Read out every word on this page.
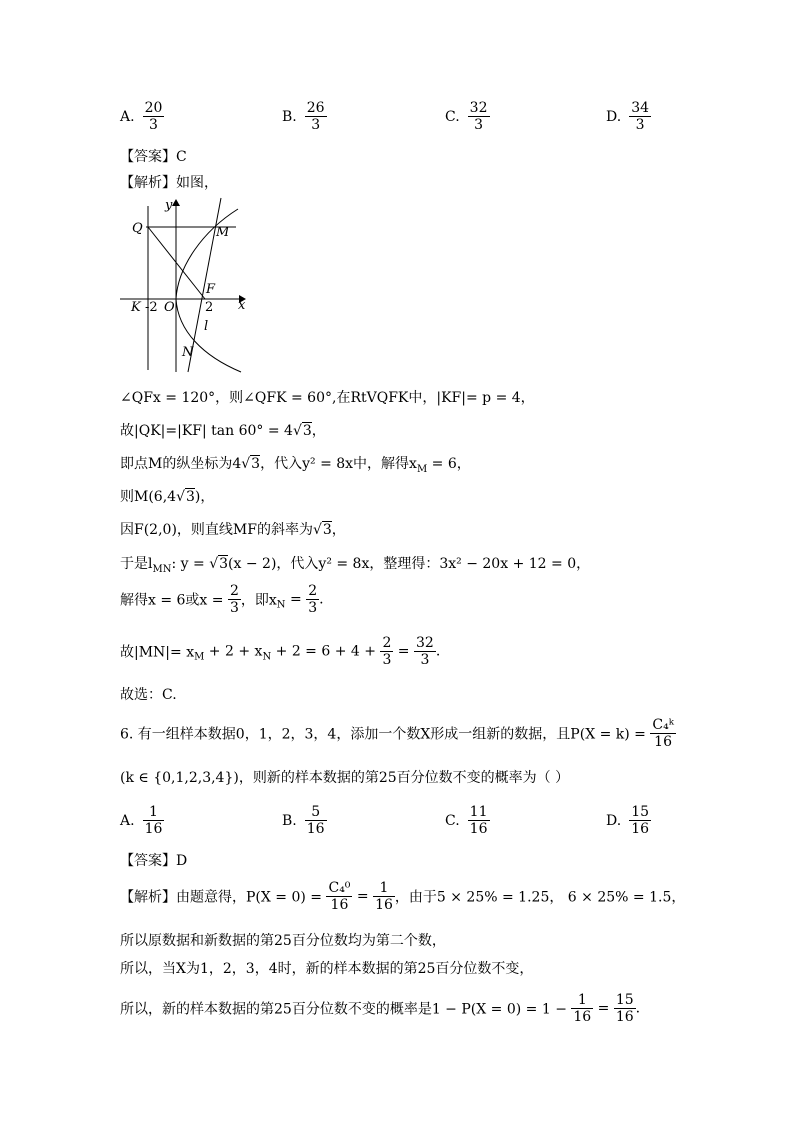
A. $\frac{20}{3}$	B. $\frac{26}{3}$	C. $\frac{32}{3}$	D. $\frac{34}{3}$
【答案】C
【解析】如图，
y
Q	M
F
K -2 O 2 x
l
N
∠QFx = 120°，则∠QFK = 60°,在RtVQFK中，|KF|= p = 4，
故|QK|=|KF| tan 60° = 4√3，
即点M的纵坐标为4√3，代入y² = 8x中，解得$x_M = 6$，
则M(6,4√3)，
因F(2,0)，则直线MF的斜率为√3，
于是$l_{MN}$: y = √3(x − 2)，代入y² = 8x，整理得：3x² − 20x + 12 = 0，
解得x = 6或$x = \frac{2}{3}$ ，即$x_N = \frac{2}{3}$ .
故$|MN|= x_M + 2 + x_N + 2 = 6 + 4 + \frac{2}{3} = \frac{32}{3}$ .
故选：C.
6. 有一组样本数据0，1，2，3，4，添加一个数X形成一组新的数据，且$P(X = k) = \frac{\text{C₄ᵏ}}{16}$
(k ∈ {0,1,2,3,4})，则新的样本数据的第25百分位数不变的概率为（ ）
A. $\frac{1}{16}$	B. $\frac{5}{16}$	C. $\frac{11}{16}$	D. $\frac{15}{16}$
【答案】D
【解析】由题意得，$P(X = 0) = \frac{\text{C₄⁰}}{16} = \frac{1}{16}$ ，由于5 × 25% = 1.25， 6 × 25% = 1.5，
所以原数据和新数据的第25百分位数均为第二个数，
所以，当X为1，2，3，4时，新的样本数据的第25百分位数不变，
所以，新的样本数据的第25百分位数不变的概率是$1 - P(X = 0) = 1 - \frac{1}{16} = \frac{15}{16}$ .
